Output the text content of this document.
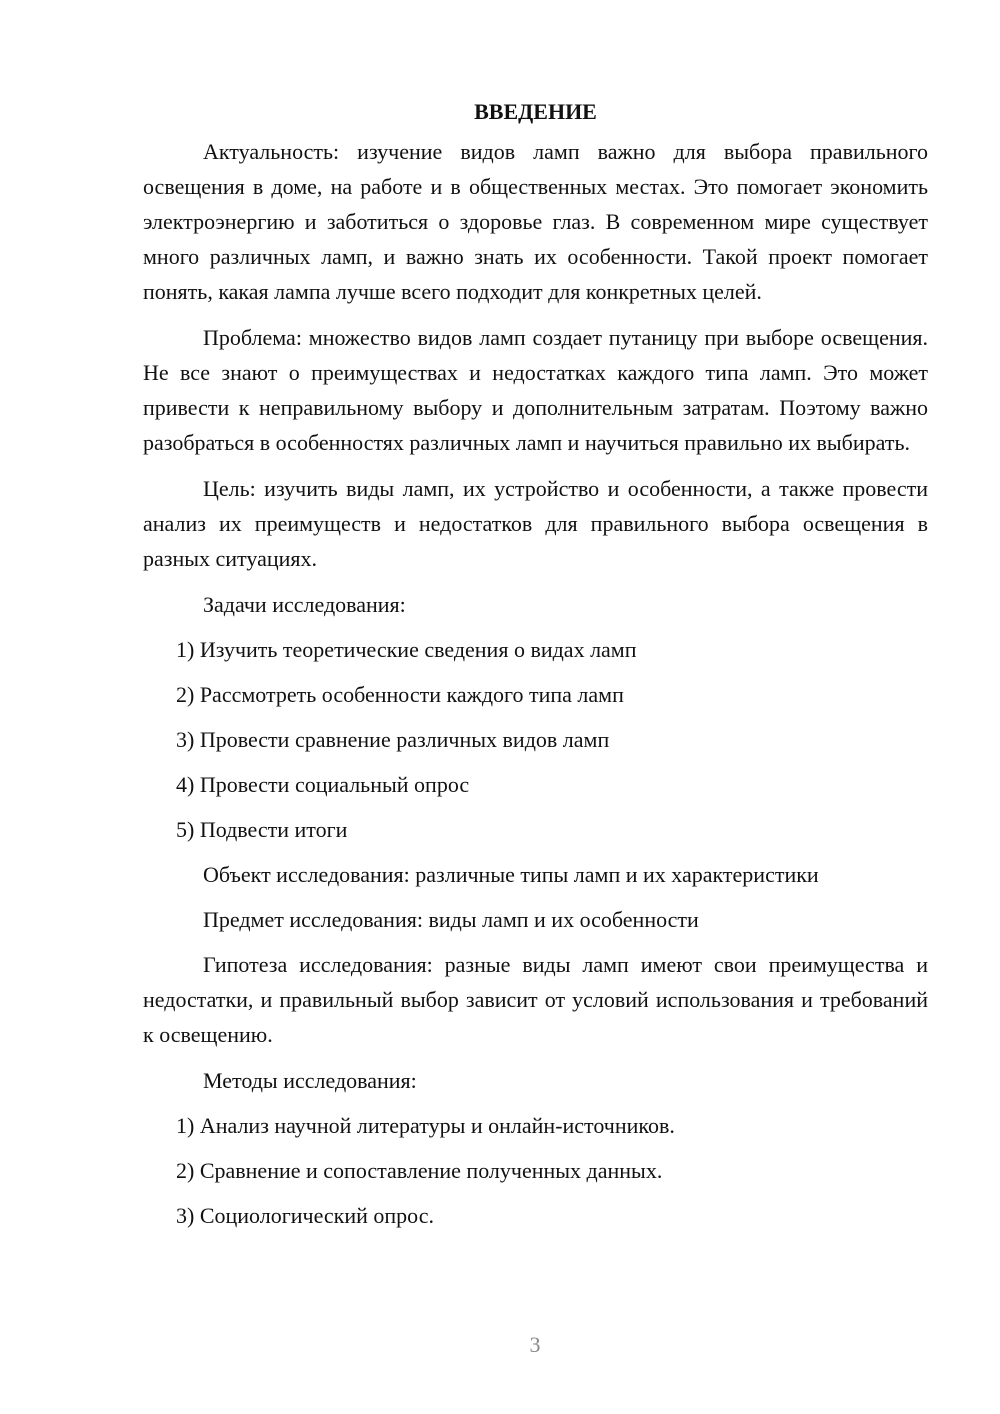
ВВЕДЕНИЕ

Актуальность: изучение видов ламп важно для выбора правильного освещения в доме, на работе и в общественных местах. Это помогает экономить электроэнергию и заботиться о здоровье глаз. В современном мире существует много различных ламп, и важно знать их особенности. Такой проект помогает понять, какая лампа лучше всего подходит для конкретных целей.

Проблема: множество видов ламп создает путаницу при выборе освещения. Не все знают о преимуществах и недостатках каждого типа ламп. Это может привести к неправильному выбору и дополнительным затратам. Поэтому важно разобраться в особенностях различных ламп и научиться правильно их выбирать.

Цель: изучить виды ламп, их устройство и особенности, а также провести анализ их преимуществ и недостатков для правильного выбора освещения в разных ситуациях.

Задачи исследования:
1) Изучить теоретические сведения о видах ламп
2) Рассмотреть особенности каждого типа ламп
3) Провести сравнение различных видов ламп
4) Провести социальный опрос
5) Подвести итоги
Объект исследования: различные типы ламп и их характеристики
Предмет исследования: виды ламп и их особенности

Гипотеза исследования: разные виды ламп имеют свои преимущества и недостатки, и правильный выбор зависит от условий использования и требований к освещению.

Методы исследования:
1) Анализ научной литературы и онлайн-источников.
2) Сравнение и сопоставление полученных данных.
3) Социологический опрос.
3
